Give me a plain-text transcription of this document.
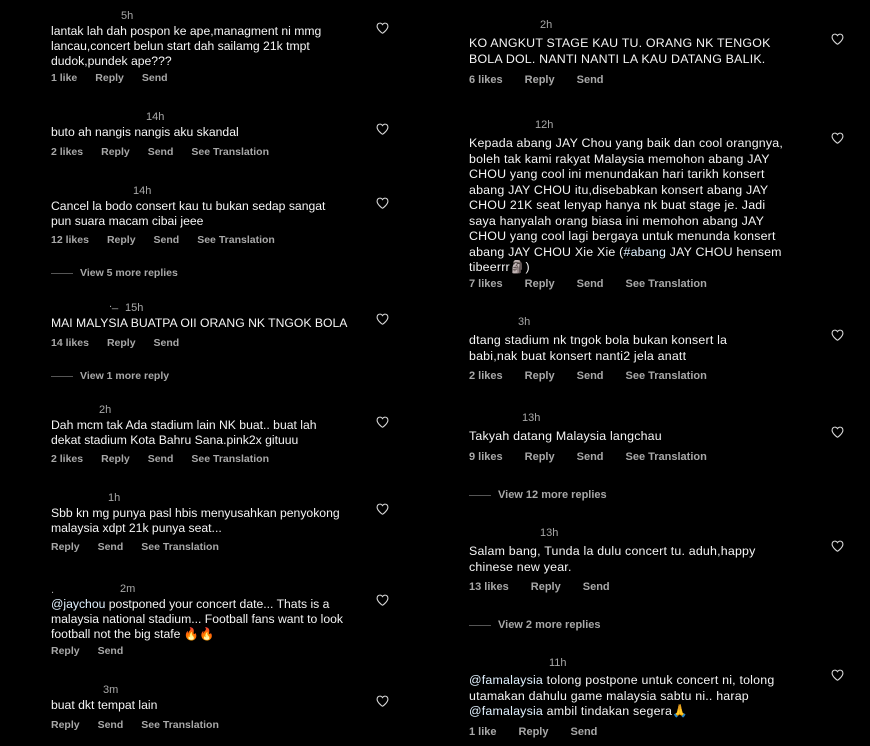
5h
lantak lah dah pospon ke ape,managment ni mmg
lancau,concert belun start dah sailamg 21k tmpt
dudok,pundek ape???
1 like Reply Send
14h
buto ah nangis nangis aku skandal
2 likes Reply Send See Translation
14h
Cancel la bodo consert kau tu bukan sedap sangat
pun suara macam cibai jeee
12 likes Reply Send See Translation
View 5 more replies
._ 15h
MAI MALYSIA BUATPA OII ORANG NK TNGOK BOLA
14 likes Reply Send
View 1 more reply
2h
Dah mcm tak Ada stadium lain NK buat.. buat lah
dekat stadium Kota Bahru Sana.pink2x gituuu
2 likes Reply Send See Translation
1h
Sbb kn mg punya pasl hbis menyusahkan penyokong
malaysia xdpt 21k punya seat...
Reply Send See Translation
.	2m
@jaychou postponed your concert date... Thats is a
malaysia national stadium... Football fans want to look
football not the big stafe 🔥🔥
Reply Send
3m
buat dkt tempat lain
Reply Send See Translation
2h
KO ANGKUT STAGE KAU TU. ORANG NK TENGOK
BOLA DOL. NANTI NANTI LA KAU DATANG BALIK.
6 likes Reply Send
12h
Kepada abang JAY Chou yang baik dan cool orangnya,
boleh tak kami rakyat Malaysia memohon abang JAY
CHOU yang cool ini menundakan hari tarikh konsert
abang JAY CHOU itu,disebabkan konsert abang JAY
CHOU 21K seat lenyap hanya nk buat stage je. Jadi
saya hanyalah orang biasa ini memohon abang JAY
CHOU yang cool lagi bergaya untuk menunda konsert
abang JAY CHOU Xie Xie (#abang JAY CHOU hensem
tibeerrr🗿)
7 likes Reply Send See Translation
3h
dtang stadium nk tngok bola bukan konsert la
babi,nak buat konsert nanti2 jela anatt
2 likes Reply Send See Translation
13h
Takyah datang Malaysia langchau
9 likes Reply Send See Translation
View 12 more replies
13h
Salam bang, Tunda la dulu concert tu. aduh,happy
chinese new year.
13 likes Reply Send
View 2 more replies
11h
@famalaysia tolong postpone untuk concert ni, tolong
utamakan dahulu game malaysia sabtu ni.. harap
@famalaysia ambil tindakan segera🙏
1 like Reply Send
